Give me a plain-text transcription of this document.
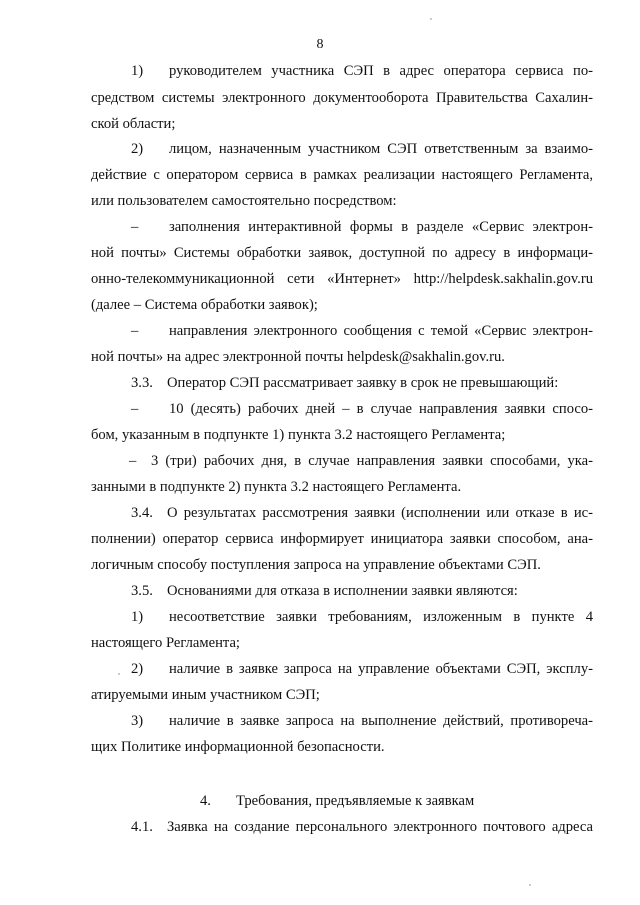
8
1) руководителем участника СЭП в адрес оператора сервиса по-
средством системы электронного документооборота Правительства Сахалин-
ской области;
2) лицом, назначенным участником СЭП ответственным за взаимо-
действие с оператором сервиса в рамках реализации настоящего Регламента,
или пользователем самостоятельно посредством:
– заполнения интерактивной формы в разделе «Сервис электрон-
ной почты» Системы обработки заявок, доступной по адресу в информаци-
онно-телекоммуникационной сети «Интернет» http://helpdesk.sakhalin.gov.ru
(далее – Система обработки заявок);
– направления электронного сообщения с темой «Сервис электрон-
ной почты» на адрес электронной почты helpdesk@sakhalin.gov.ru.
3.3. Оператор СЭП рассматривает заявку в срок не превышающий:
– 10 (десять) рабочих дней – в случае направления заявки спосо-
бом, указанным в подпункте 1) пункта 3.2 настоящего Регламента;
– 3 (три) рабочих дня, в случае направления заявки способами, ука-
занными в подпункте 2) пункта 3.2 настоящего Регламента.
3.4. О результатах рассмотрения заявки (исполнении или отказе в ис-
полнении) оператор сервиса информирует инициатора заявки способом, ана-
логичным способу поступления запроса на управление объектами СЭП.
3.5. Основаниями для отказа в исполнении заявки являются:
1) несоответствие заявки требованиям, изложенным в пункте 4
настоящего Регламента;
2) наличие в заявке запроса на управление объектами СЭП, эксплу-
атируемыми иным участником СЭП;
3) наличие в заявке запроса на выполнение действий, противореча-
щих Политике информационной безопасности.
4. Требования, предъявляемые к заявкам
4.1. Заявка на создание персонального электронного почтового адреса
